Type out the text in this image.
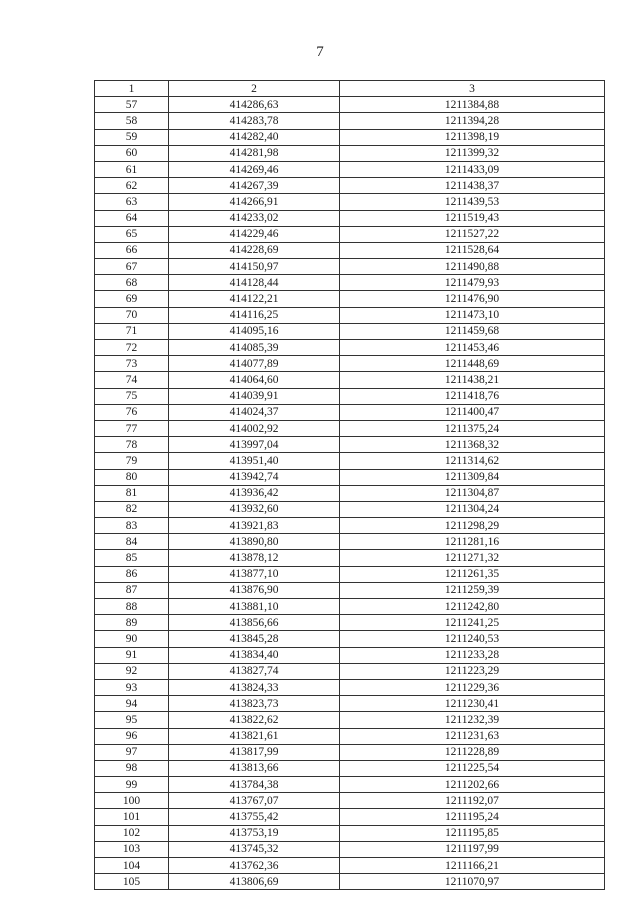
7
1	2	3
57	414286,63	1211384,88
58	414283,78	1211394,28
59	414282,40	1211398,19
60	414281,98	1211399,32
61	414269,46	1211433,09
62	414267,39	1211438,37
63	414266,91	1211439,53
64	414233,02	1211519,43
65	414229,46	1211527,22
66	414228,69	1211528,64
67	414150,97	1211490,88
68	414128,44	1211479,93
69	414122,21	1211476,90
70	414116,25	1211473,10
71	414095,16	1211459,68
72	414085,39	1211453,46
73	414077,89	1211448,69
74	414064,60	1211438,21
75	414039,91	1211418,76
76	414024,37	1211400,47
77	414002,92	1211375,24
78	413997,04	1211368,32
79	413951,40	1211314,62
80	413942,74	1211309,84
81	413936,42	1211304,87
82	413932,60	1211304,24
83	413921,83	1211298,29
84	413890,80	1211281,16
85	413878,12	1211271,32
86	413877,10	1211261,35
87	413876,90	1211259,39
88	413881,10	1211242,80
89	413856,66	1211241,25
90	413845,28	1211240,53
91	413834,40	1211233,28
92	413827,74	1211223,29
93	413824,33	1211229,36
94	413823,73	1211230,41
95	413822,62	1211232,39
96	413821,61	1211231,63
97	413817,99	1211228,89
98	413813,66	1211225,54
99	413784,38	1211202,66
100	413767,07	1211192,07
101	413755,42	1211195,24
102	413753,19	1211195,85
103	413745,32	1211197,99
104	413762,36	1211166,21
105	413806,69	1211070,97
